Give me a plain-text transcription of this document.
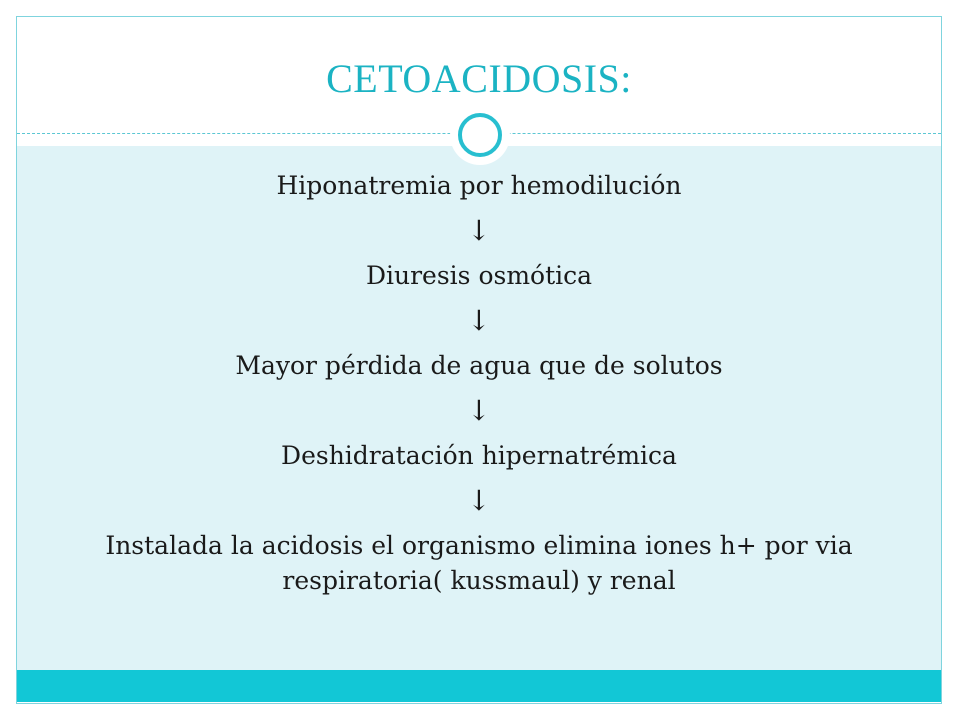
CETOACIDOSIS:
Hiponatremia por hemodilución
↓
Diuresis osmótica
↓
Mayor pérdida de agua que de solutos
↓
Deshidratación hipernatrémica
↓
Instalada la acidosis el organismo elimina iones h+ por via respiratoria( kussmaul) y renal
